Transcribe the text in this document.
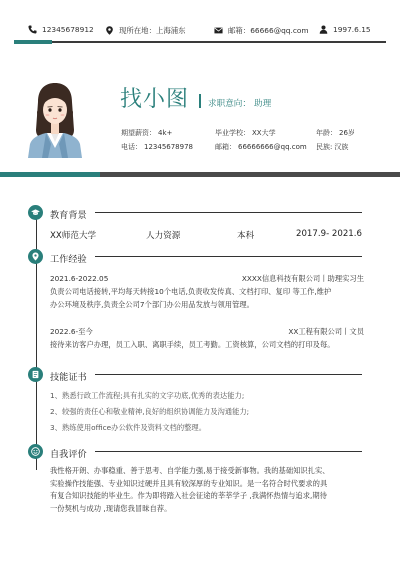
12345678912	现所在地： 上海浦东	邮箱： 66666@qq.com	1997.6.15
找小图 求职意向： 助理
期望薪资： 4k+	毕业学校： XX大学	年龄： 26岁
电话： 12345678978	邮箱： 66666666@qq.com 民族: 汉族
教育背景
XX师范大学	人力资源	本科	2017.9- 2021.6
工作经验
2021.6-2022.05	XXXX信息科技有限公司丨助理实习生

负责公司电话接转,平均每天转接10个电话,负责收发传真、文档打印、复印 等工作,维护

办公环境及秩序,负责全公司7个部门办公用品发放与领用管理。

2022.6-至今	XX工程有限公司丨文员

接待来访客户办理，员工入职、离职手续，员工考勤。工资核算，公司文档的打印及每。

技能证书

1、熟悉行政工作流程;具有扎实的文字功底,优秀的表达能力;

2、较强的责任心和敬业精神,良好的组织协调能力及沟通能力;

3、熟练使用office办公软件及资料文档的整理。

自我评价

我性格开朗、办事稳重、善于思考、自学能力强,易于接受新事物。我的基础知识扎实、

实验操作技能强、专业知识过硬并且具有较深厚的专业知识。是一名符合时代要求的具

有复合知识技能的毕业生。作为即将踏入社会征途的莘莘学子 ,我满怀热情与追求,期待

一份契机与成功 ,现请您我冒昧自荐。
